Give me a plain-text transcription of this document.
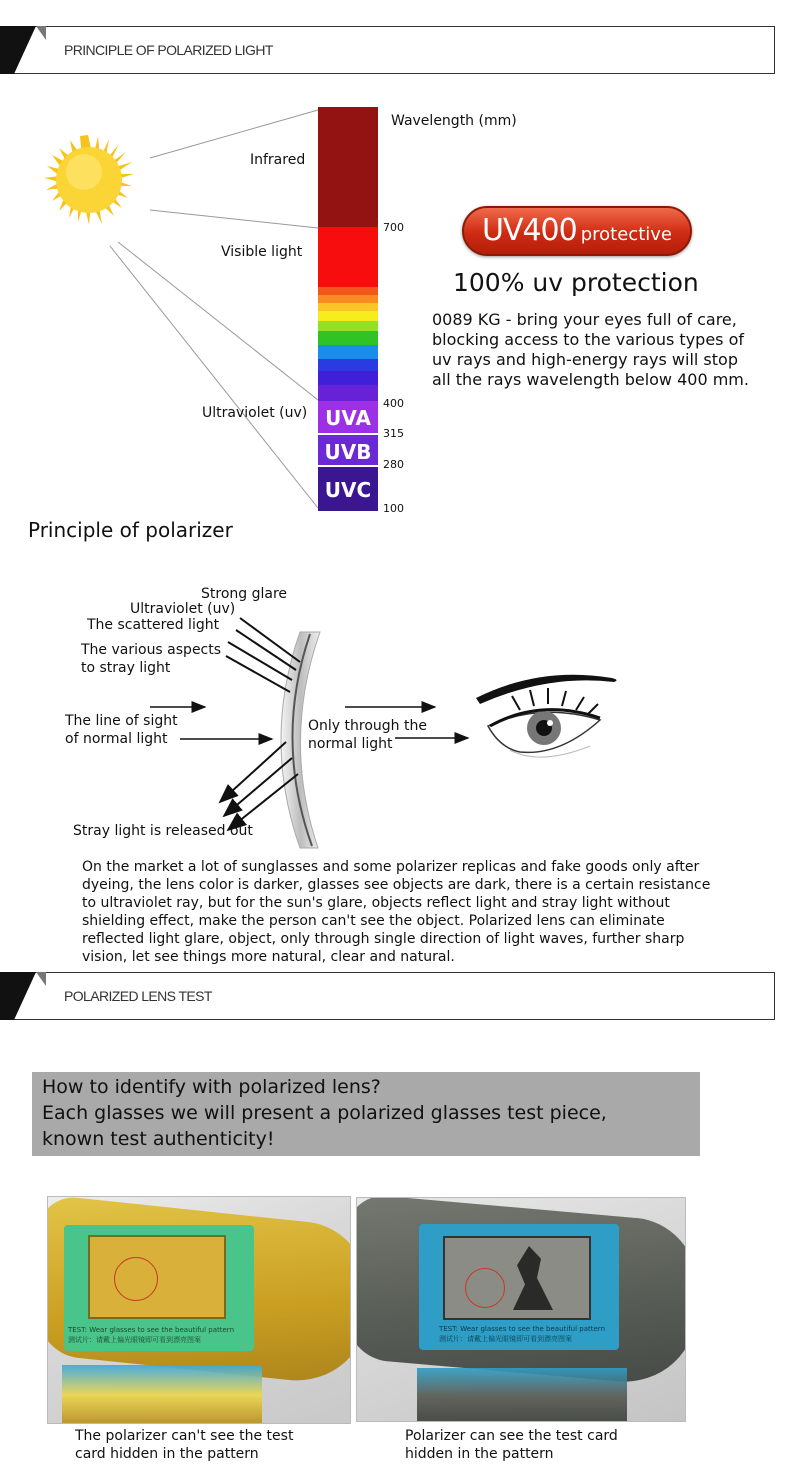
PRINCIPLE OF POLARIZED LIGHT
UVA
UVB
UVC
Wavelength (mm)
Infrared
Visible light
Ultraviolet (uv)
700
400
315
280
100
UV400 protective
100% uv protection
0089 KG - bring your eyes full of care,
blocking access to the various types of
uv rays and high-energy rays will stop
all the rays wavelength below 400 mm.
Principle of polarizer
Strong glare
Ultraviolet (uv)
The scattered light
The various aspects
to stray light
The line of sight
of normal light
Only through the
normal light
Stray light is released out
On the market a lot of sunglasses and some polarizer replicas and fake goods only after
dyeing, the lens color is darker, glasses see objects are dark, there is a certain resistance
to ultraviolet ray, but for the sun's glare, objects reflect light and stray light without
shielding effect, make the person can't see the object. Polarized lens can eliminate
reflected light glare, object, only through single direction of light waves, further sharp
vision, let see things more natural, clear and natural.
POLARIZED LENS TEST
How to identify with polarized lens?
Each glasses we will present a polarized glasses test piece,
known test authenticity!
TEST: Wear glasses to see the beautiful pattern
测试片：请戴上偏光眼镜即可看到漂亮图案
TEST: Wear glasses to see the beautiful pattern
测试片：请戴上偏光眼镜即可看到漂亮图案
The polarizer can't see the test
card hidden in the pattern
Polarizer can see the test card
hidden in the pattern
